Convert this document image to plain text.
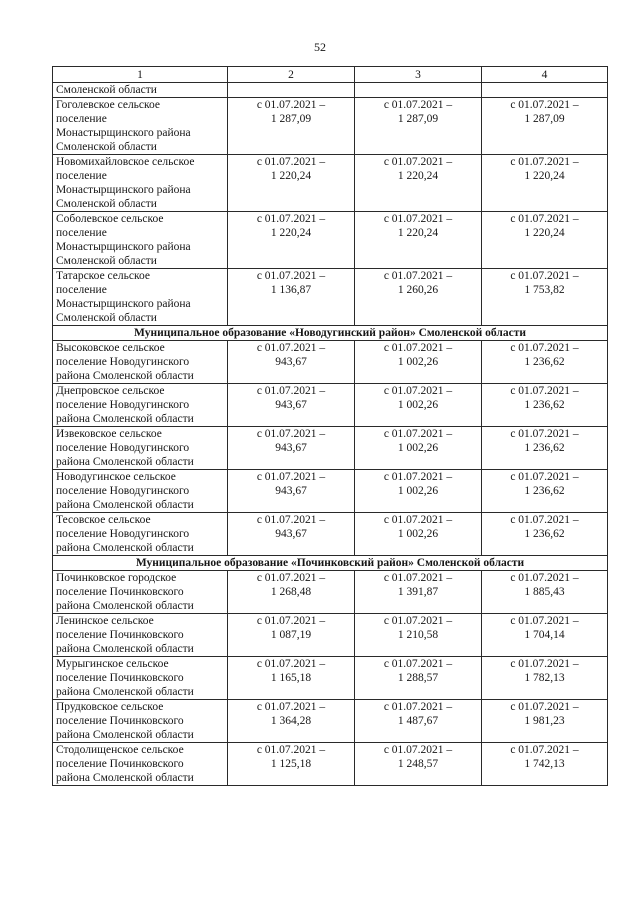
52
1	2	3	4
Смоленской области			

Гоголевское сельское
поселение
Монастырщинского района
Смоленской области	с 01.07.2021 –
1 287,09	с 01.07.2021 –
1 287,09	с 01.07.2021 –
1 287,09

Новомихайловское сельское
поселение
Монастырщинского района
Смоленской области	с 01.07.2021 –
1 220,24	с 01.07.2021 –
1 220,24	с 01.07.2021 –
1 220,24

Соболевское сельское
поселение
Монастырщинского района
Смоленской области	с 01.07.2021 –
1 220,24	с 01.07.2021 –
1 220,24	с 01.07.2021 –
1 220,24

Татарское сельское
поселение
Монастырщинского района
Смоленской области	с 01.07.2021 –
1 136,87	с 01.07.2021 –
1 260,26	с 01.07.2021 –
1 753,82

Муниципальное образование «Новодугинский район» Смоленской области			

Высоковское сельское
поселение Новодугинского
района Смоленской области	с 01.07.2021 –
943,67	с 01.07.2021 –
1 002,26	с 01.07.2021 –
1 236,62

Днепровское сельское
поселение Новодугинского
района Смоленской области	с 01.07.2021 –
943,67	с 01.07.2021 –
1 002,26	с 01.07.2021 –
1 236,62

Извековское сельское
поселение Новодугинского
района Смоленской области	с 01.07.2021 –
943,67	с 01.07.2021 –
1 002,26	с 01.07.2021 –
1 236,62

Новодугинское сельское
поселение Новодугинского
района Смоленской области	с 01.07.2021 –
943,67	с 01.07.2021 –
1 002,26	с 01.07.2021 –
1 236,62

Тесовское сельское
поселение Новодугинского
района Смоленской области	с 01.07.2021 –
943,67	с 01.07.2021 –
1 002,26	с 01.07.2021 –
1 236,62

Муниципальное образование «Починковский район» Смоленской области			

Починковское городское
поселение Починковского
района Смоленской области	с 01.07.2021 –
1 268,48	с 01.07.2021 –
1 391,87	с 01.07.2021 –
1 885,43

Ленинское сельское
поселение Починковского
района Смоленской области	с 01.07.2021 –
1 087,19	с 01.07.2021 –
1 210,58	с 01.07.2021 –
1 704,14

Мурыгинское сельское
поселение Починковского
района Смоленской области	с 01.07.2021 –
1 165,18	с 01.07.2021 –
1 288,57	с 01.07.2021 –
1 782,13

Прудковское сельское
поселение Починковского
района Смоленской области	с 01.07.2021 –
1 364,28	с 01.07.2021 –
1 487,67	с 01.07.2021 –
1 981,23

Стодолищенское сельское
поселение Починковского
района Смоленской области	с 01.07.2021 –
1 125,18	с 01.07.2021 –
1 248,57	с 01.07.2021 –
1 742,13
